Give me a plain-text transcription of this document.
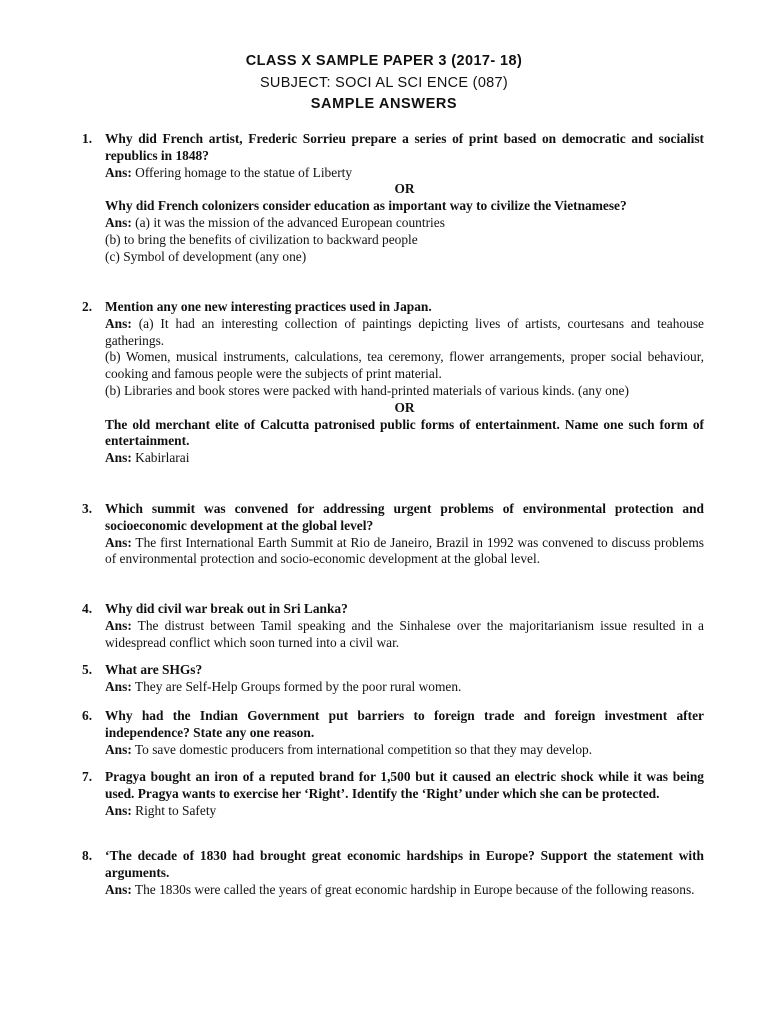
CLASS X SAMPLE PAPER 3 (2017- 18)
SUBJECT: SOCI AL SCI ENCE (087)
SAMPLE ANSWERS
1. Why did French artist, Frederic Sorrieu prepare a series of print based on democratic and socialist republics in 1848?
Ans: Offering homage to the statue of Liberty
OR
Why did French colonizers consider education as important way to civilize the Vietnamese?
Ans: (a) it was the mission of the advanced European countries
(b) to bring the benefits of civilization to backward people
(c) Symbol of development (any one)
2. Mention any one new interesting practices used in Japan.
Ans: (a) It had an interesting collection of paintings depicting lives of artists, courtesans and teahouse gatherings.
(b) Women, musical instruments, calculations, tea ceremony, flower arrangements, proper social behaviour, cooking and famous people were the subjects of print material.
(b) Libraries and book stores were packed with hand-printed materials of various kinds. (any one)
OR
The old merchant elite of Calcutta patronised public forms of entertainment. Name one such form of entertainment.
Ans: Kabirlarai
3. Which summit was convened for addressing urgent problems of environmental protection and socioeconomic development at the global level?
Ans: The first International Earth Summit at Rio de Janeiro, Brazil in 1992 was convened to discuss problems of environmental protection and socio-economic development at the global level.
4. Why did civil war break out in Sri Lanka?
Ans: The distrust between Tamil speaking and the Sinhalese over the majoritarianism issue resulted in a widespread conflict which soon turned into a civil war.
5. What are SHGs?
Ans: They are Self-Help Groups formed by the poor rural women.
6. Why had the Indian Government put barriers to foreign trade and foreign investment after independence? State any one reason.
Ans: To save domestic producers from international competition so that they may develop.
7. Pragya bought an iron of a reputed brand for 1,500 but it caused an electric shock while it was being used. Pragya wants to exercise her ‘Right’. Identify the ‘Right’ under which she can be protected.
Ans: Right to Safety
8. ‘The decade of 1830 had brought great economic hardships in Europe? Support the statement with arguments.
Ans: The 1830s were called the years of great economic hardship in Europe because of the following reasons.
